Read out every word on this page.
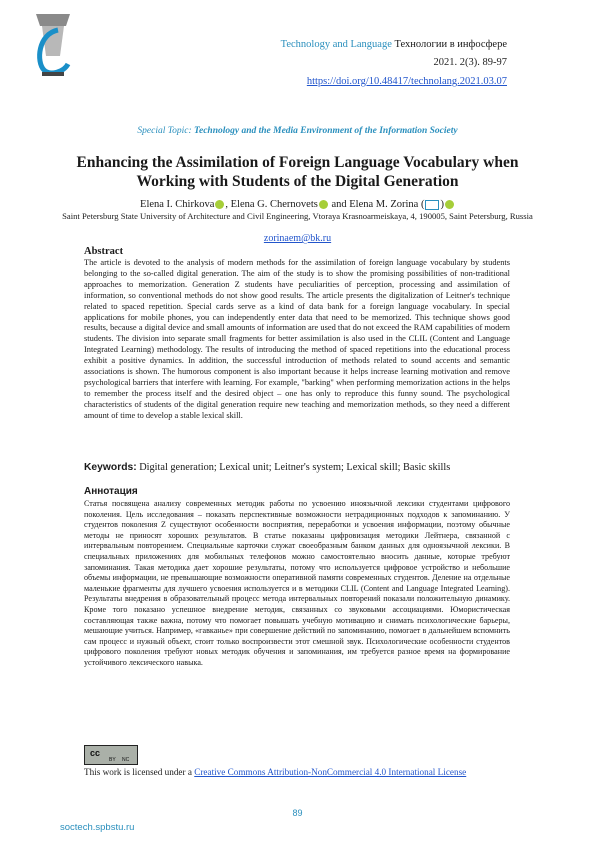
Technology and Language Технологии в инфосфере
2021. 2(3). 89-97
https://doi.org/10.48417/technolang.2021.03.07
Special Topic: Technology and the Media Environment of the Information Society
Enhancing the Assimilation of Foreign Language Vocabulary when Working with Students of the Digital Generation
Elena I. Chirkova , Elena G. Chernovets and Elena M. Zorina ( )
Saint Petersburg State University of Architecture and Civil Engineering, Vtoraya Krasnoarmeiskaya, 4, 190005, Saint Petersburg, Russia
zorinaem@bk.ru
Abstract
The article is devoted to the analysis of modern methods for the assimilation of foreign language vocabulary by students belonging to the so-called digital generation. The aim of the study is to show the promising possibilities of non-traditional approaches to memorization. Generation Z students have peculiarities of perception, processing and assimilation of information, so conventional methods do not show good results. The article presents the digitalization of Leitner's technique related to spaced repetition. Special cards serve as a kind of data bank for a foreign language vocabulary. In special applications for mobile phones, you can independently enter data that need to be memorized. This technique shows good results, because a digital device and small amounts of information are used that do not exceed the RAM capabilities of modern students. The division into separate small fragments for better assimilation is also used in the CLIL (Content and Language Integrated Learning) methodology. The results of introducing the method of spaced repetitions into the educational process exhibit a positive dynamics. In addition, the successful introduction of methods related to sound accents and semantic associations is shown. The humorous component is also important because it helps increase learning motivation and remove psychological barriers that interfere with learning. For example, "barking" when performing memorization actions in the helps to remember the process itself and the desired object – one has only to reproduce this funny sound. The psychological characteristics of students of the digital generation require new teaching and memorization methods, so they need a different amount of time to develop a stable lexical skill.
Keywords: Digital generation; Lexical unit; Leitner's system; Lexical skill; Basic skills
Аннотация
Статья посвящена анализу современных методик работы по усвоению иноязычной лексики студентами цифрового поколения. Цель исследования – показать перспективные возможности нетрадиционных подходов к запоминанию. У студентов поколения Z существуют особенности восприятия, переработки и усвоения информации, поэтому обычные методы не приносят хороших результатов. В статье показаны цифровизация методики Лейтнера, связанной с интервальным повторением. Специальные карточки служат своеобразным банком данных для одноязычной лексики. В специальных приложениях для мобильных телефонов можно самостоятельно вносить данные, которые требуют запоминания. Такая методика дает хорошие результаты, потому что используется цифровое устройство и небольшие объемы информации, не превышающие возможности оперативной памяти современных студентов. Деление на отдельные маленькие фрагменты для лучшего усвоения используется и в методики CLIL (Content and Language Integrated Learning). Результаты внедрения в образовательный процесс метода интервальных повторений показали положительную динамику. Кроме того показано успешное внедрение методик, связанных со звуковыми ассоциациями. Юмористическая составляющая также важна, потому что помогает повышать учебную мотивацию и снимать психологические барьеры, мешающие учиться. Например, «гавканье» при совершение действий по запоминанию, помогает в дальнейшем вспомнить сам процесс и нужный объект, стоит только воспроизвести этот смешной звук. Психологические особенности студентов цифрового поколения требуют новых методик обучения и запоминания, им требуется разное время на формирование устойчивого лексического навыка.
cc
BY NC
This work is licensed under a Creative Commons Attribution-NonCommercial 4.0 International License
89
soctech.spbstu.ru
